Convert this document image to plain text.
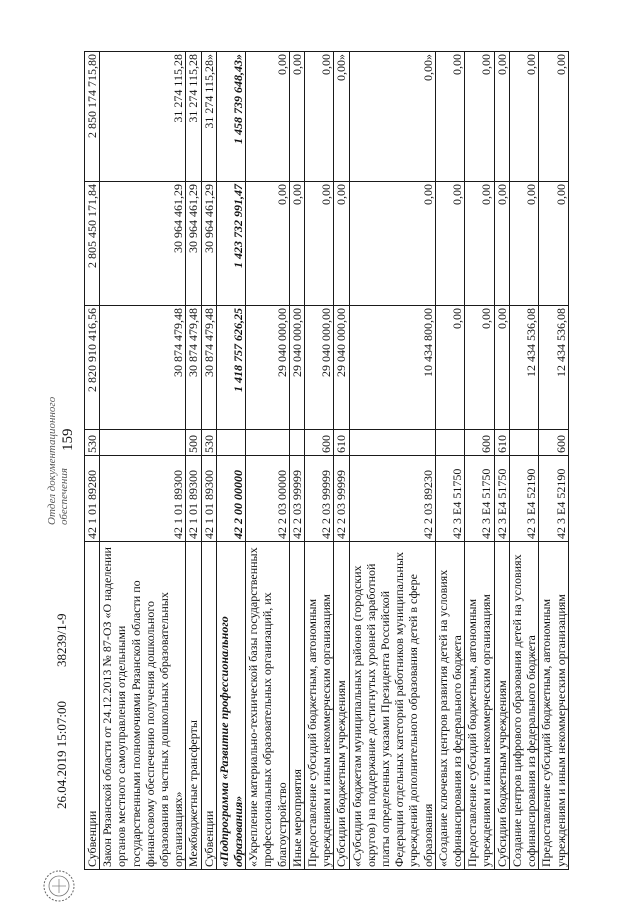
159
Субвенции	42 1 01 89280	530	2 820 910 416,56	2 805 450 171,84	2 850 174 715,80
Закон Рязанской области от 24.12.2013 № 87-ОЗ «О наделении органов местного самоуправления отдельными государственными полномочиями Рязанской области по финансовому обеспечению получения дошкольного образования в частных дошкольных образовательных организациях»	42 1 01 89300		30 874 479,48	30 964 461,29	31 274 115,28
Межбюджетные трансферты	42 1 01 89300	500	30 874 479,48	30 964 461,29	31 274 115,28
Субвенции	42 1 01 89300	530	30 874 479,48	30 964 461,29	31 274 115,28»
«Подпрограмма «Развитие профессионального образования»	42 2 00 00000		1 418 757 626,25	1 423 732 991,47	1 458 739 648,43»
«Укрепление материально-технической базы государственных профессиональных образовательных организаций, их благоустройство	42 2 03 00000		29 040 000,00	0,00	0,00
Иные мероприятия	42 2 03 99999		29 040 000,00	0,00	0,00
Предоставление субсидий бюджетным, автономным учреждениям и иным некоммерческим организациям	42 2 03 99999	600	29 040 000,00	0,00	0,00
Субсидии бюджетным учреждениям	42 2 03 99999	610	29 040 000,00	0,00	0,00»
«Субсидии бюджетам муниципальных районов (городских округов) на поддержание достигнутых уровней заработной платы определенных указами Президента Российской Федерации отдельных категорий работников муниципальных учреждений дополнительного образования детей в сфере образования	42 2 03 89230		10 434 800,00	0,00	0,00»
«Создание ключевых центров развития детей на условиях софинансирования из федерального бюджета	42 3 E4 51750		0,00	0,00	0,00
Предоставление субсидий бюджетным, автономным учреждениям и иным некоммерческим организациям	42 3 E4 51750	600	0,00	0,00	0,00
Субсидии бюджетным учреждениям	42 3 E4 51750	610	0,00	0,00	0,00
Создание центров цифрового образования детей на условиях софинансирования из федерального бюджета	42 3 E4 52190		12 434 536,08	0,00	0,00
Предоставление субсидий бюджетным, автономным учреждениям и иным некоммерческим организациям	42 3 E4 52190	600	12 434 536,08	0,00	0,00
26.04.2019 15:07:00
38239/1-9
Отдел документационного обеспечения
